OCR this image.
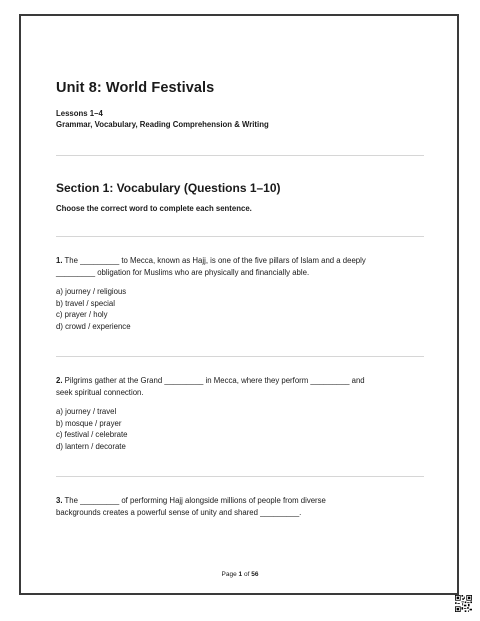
Unit 8: World Festivals
Lessons 1–4
Grammar, Vocabulary, Reading Comprehension & Writing
Section 1: Vocabulary (Questions 1–10)
Choose the correct word to complete each sentence.
1. The _________ to Mecca, known as Hajj, is one of the five pillars of Islam and a deeply
_________ obligation for Muslims who are physically and financially able.
a) journey / religious
b) travel / special
c) prayer / holy
d) crowd / experience
2. Pilgrims gather at the Grand _________ in Mecca, where they perform _________ and
seek spiritual connection.
a) journey / travel
b) mosque / prayer
c) festival / celebrate
d) lantern / decorate
3. The _________ of performing Hajj alongside millions of people from diverse
backgrounds creates a powerful sense of unity and shared _________.
Page 1 of 56
